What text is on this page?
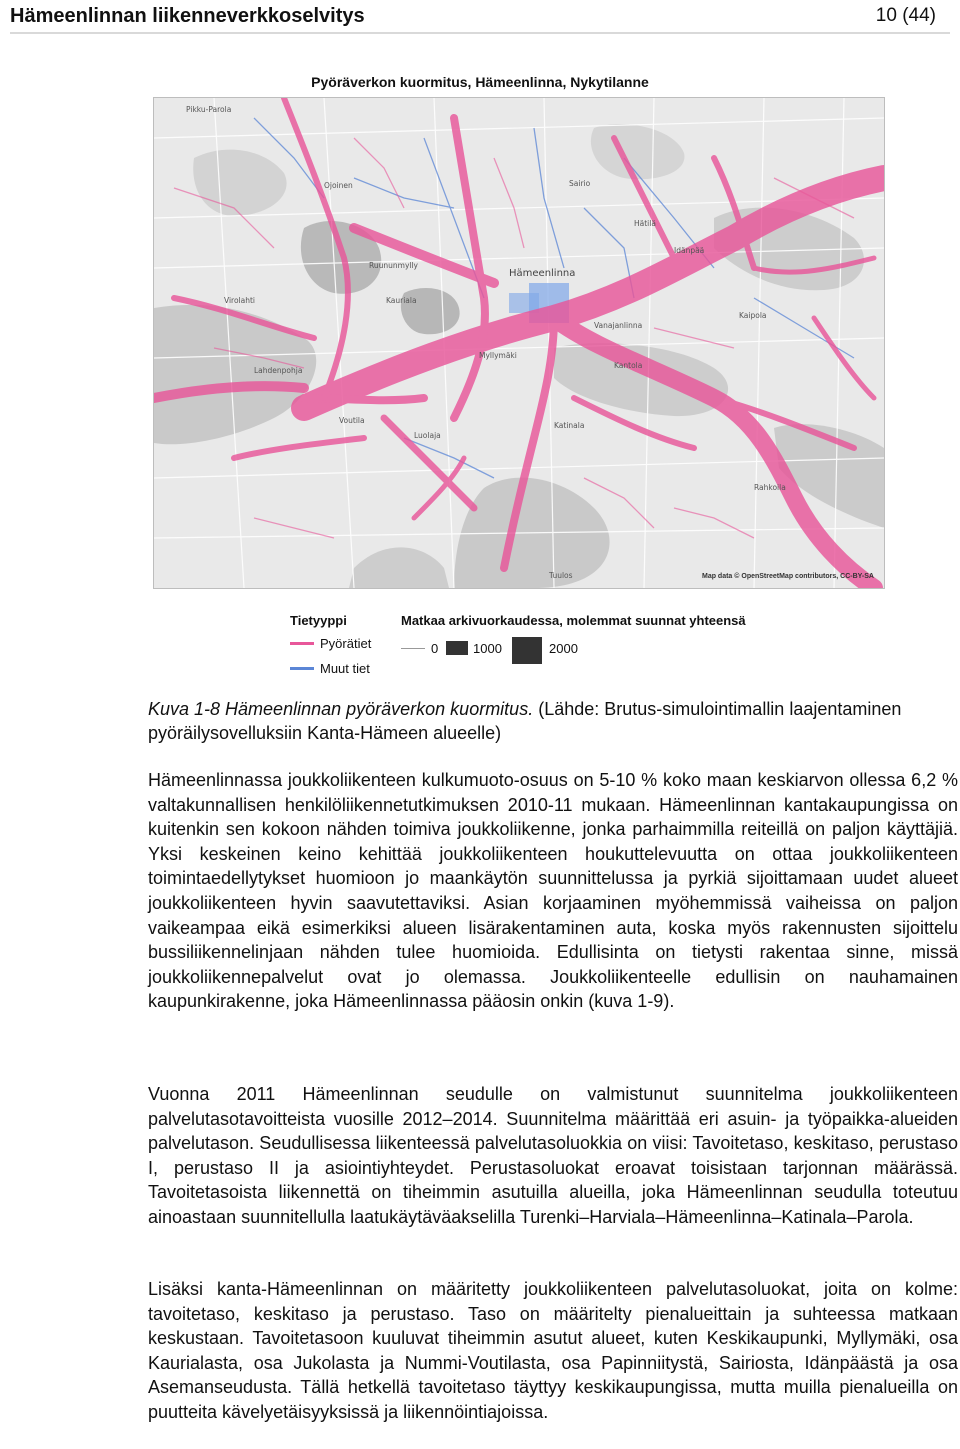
Hämeenlinnan liikenneverkkoselvitys	10 (44)
Pyöräverkon kuormitus, Hämeenlinna, Nykytilanne
Pikku-Parola
Ojoinen
Kaurialа
Hämeenlinna
Myllymäki
Katinala
Idänpää
Sairio
Hätilä
Vanajanlinna
Kantola
Ruununmylly
Virolahti
Lahdenpohja
Voutila
Luolaja
Tuulos
Kaipola
Rahkoila
Map data © OpenStreetMap contributors, CC-BY-SA
Tietyyppi
Pyörätiet
Muut tiet
Matkaa arkivuorkaudessa, molemmat suunnat yhteensä
0	1000	2000
Kuva 1-8 Hämeenlinnan pyöräverkon kuormitus. (Lähde: Brutus-simulointimallin laajentaminen pyöräilysovelluksiin Kanta-Hämeen alueelle)

Hämeenlinnassa joukkoliikenteen kulkumuoto-osuus on 5-10 % koko maan keskiarvon ollessa 6,2 % valtakunnallisen henkilöliikennetutkimuksen 2010-11 mukaan. Hämeenlinnan kantakaupungissa on kuitenkin sen kokoon nähden toimiva joukkoliikenne, jonka parhaimmilla reiteillä on paljon käyttäjiä. Yksi keskeinen keino kehittää joukkoliikenteen houkuttelevuutta on ottaa joukkoliikenteen toimintaedellytykset huomioon jo maankäytön suunnittelussa ja pyrkiä sijoittamaan uudet alueet joukkoliikenteen hyvin saavutettaviksi. Asian korjaaminen myöhemmissä vaiheissa on paljon vaikeampaa eikä esimerkiksi alueen lisärakentaminen auta, koska myös rakennusten sijoittelu bussiliikennelinjaan nähden tulee huomioida. Edullisinta on tietysti rakentaa sinne, missä joukkoliikennepalvelut ovat jo olemassa. Joukkoliikenteelle edullisin on nauhamainen kaupunkirakenne, joka Hämeenlinnassa pääosin onkin (kuva 1-9).

Vuonna 2011 Hämeenlinnan seudulle on valmistunut suunnitelma joukkoliikenteen palvelutasotavoitteista vuosille 2012–2014. Suunnitelma määrittää eri asuin- ja työpaikka-alueiden palvelutason. Seudullisessa liikenteessä palvelutasoluokkia on viisi: Tavoitetaso, keskitaso, perustaso I, perustaso II ja asiointiyhteydet. Perustasoluokat eroavat toisistaan tarjonnan määrässä. Tavoitetasoista liikennettä on tiheimmin asutuilla alueilla, joka Hämeenlinnan seudulla toteutuu ainoastaan suunnitellulla laatukäytäväakselilla Turenki–Harviala–Hämeenlinna–Katinala–Parola.

Lisäksi kanta-Hämeenlinnan on määritetty joukkoliikenteen palvelutasoluokat, joita on kolme: tavoitetaso, keskitaso ja perustaso. Taso on määritelty pienalueittain ja suhteessa matkaan keskustaan. Tavoitetasoon kuuluvat tiheimmin asutut alueet, kuten Keskikaupunki, Myllymäki, osa Kaurialasta, osa Jukolasta ja Nummi-Voutilasta, osa Papinniitystä, Sairiosta, Idänpäästä ja osa Asemanseudusta. Tällä hetkellä tavoitetaso täyttyy keskikaupungissa, mutta muilla pienalueilla on puutteita kävelyetäisyyksissä ja liikennöintiajoissa.
